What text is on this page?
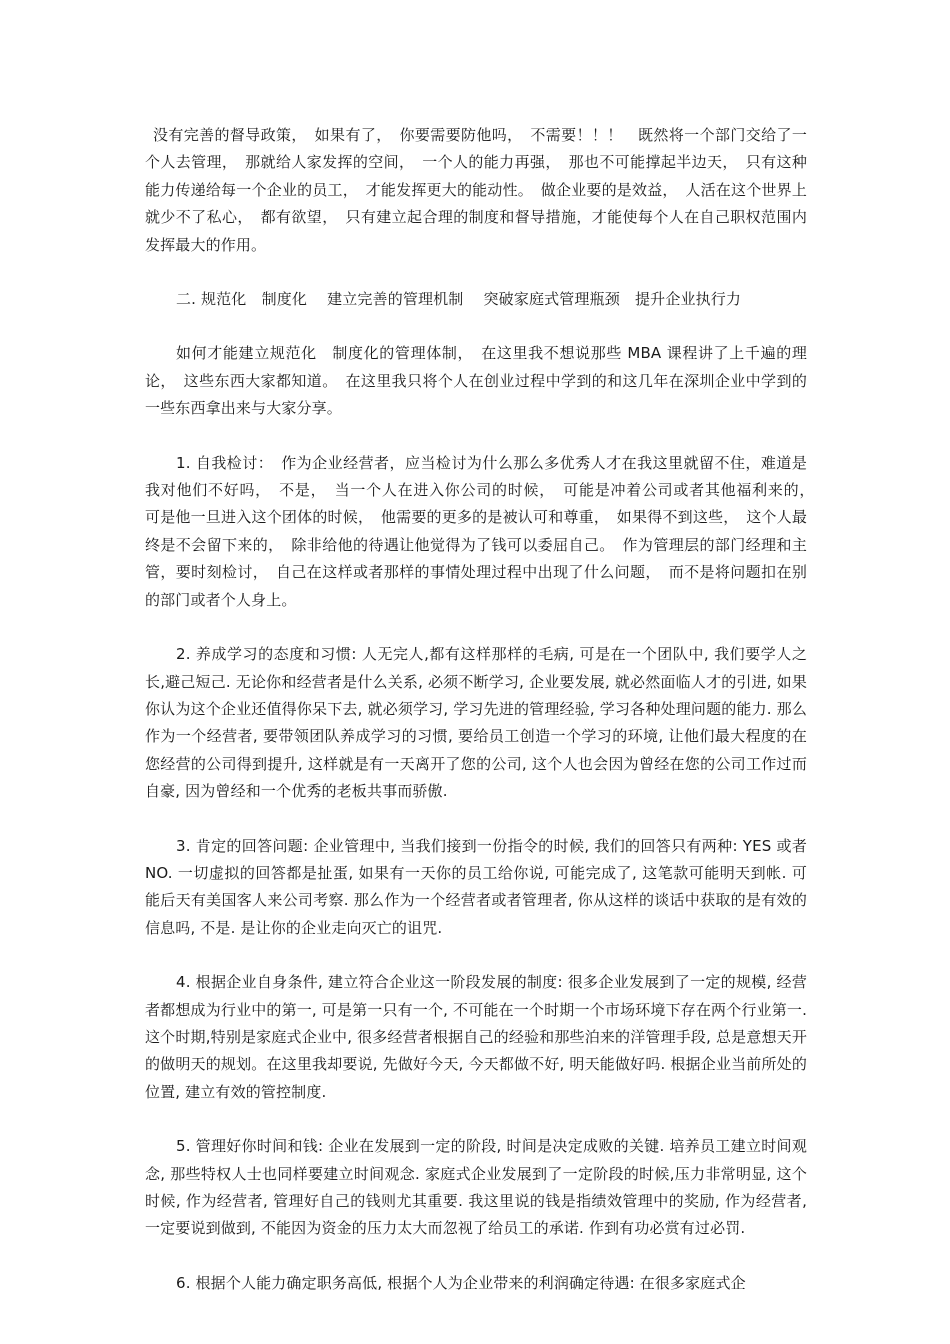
没有完善的督导政策，　如果有了，　你要需要防他吗，　不需要！！！　既然将一个部门交给了一个人去管理，　那就给人家发挥的空间，　一个人的能力再强，　那也不可能撑起半边天，　只有这种能力传递给每一个企业的员工，　才能发挥更大的能动性。　做企业要的是效益，　人活在这个世界上就少不了私心，　都有欲望，　只有建立起合理的制度和督导措施，才能使每个人在自己职权范围内发挥最大的作用。

二. 规范化　制度化　 建立完善的管理机制　 突破家庭式管理瓶颈　提升企业执行力

如何才能建立规范化　制度化的管理体制，　在这里我不想说那些 MBA 课程讲了上千遍的理论，　这些东西大家都知道。　在这里我只将个人在创业过程中学到的和这几年在深圳企业中学到的一些东西拿出来与大家分享。

1. 自我检讨：　作为企业经营者，应当检讨为什么那么多优秀人才在我这里就留不住，难道是我对他们不好吗，　不是，　当一个人在进入你公司的时候，　可能是冲着公司或者其他福利来的，　可是他一旦进入这个团体的时候，　他需要的更多的是被认可和尊重，　如果得不到这些，　这个人最终是不会留下来的，　除非给他的待遇让他觉得为了钱可以委屈自己。　作为管理层的部门经理和主管，要时刻检讨，　自己在这样或者那样的事情处理过程中出现了什么问题，　而不是将问题扣在别的部门或者个人身上。

2. 养成学习的态度和习惯: 人无完人,都有这样那样的毛病, 可是在一个团队中, 我们要学人之长,避己短己. 无论你和经营者是什么关系, 必须不断学习, 企业要发展, 就必然面临人才的引进, 如果你认为这个企业还值得你呆下去, 就必须学习, 学习先进的管理经验, 学习各种处理问题的能力. 那么作为一个经营者, 要带领团队养成学习的习惯, 要给员工创造一个学习的环境, 让他们最大程度的在您经营的公司得到提升, 这样就是有一天离开了您的公司, 这个人也会因为曾经在您的公司工作过而自豪, 因为曾经和一个优秀的老板共事而骄傲.

3. 肯定的回答问题: 企业管理中, 当我们接到一份指令的时候, 我们的回答只有两种: YES 或者 NO. 一切虚拟的回答都是扯蛋, 如果有一天你的员工给你说, 可能完成了, 这笔款可能明天到帐. 可能后天有美国客人来公司考察. 那么作为一个经营者或者管理者, 你从这样的谈话中获取的是有效的信息吗, 不是. 是让你的企业走向灭亡的诅咒.

4. 根据企业自身条件, 建立符合企业这一阶段发展的制度: 很多企业发展到了一定的规模, 经营者都想成为行业中的第一, 可是第一只有一个, 不可能在一个时期一个市场环境下存在两个行业第一. 这个时期,特别是家庭式企业中, 很多经营者根据自己的经验和那些泊来的洋管理手段, 总是意想天开的做明天的规划。在这里我却要说, 先做好今天, 今天都做不好, 明天能做好吗. 根据企业当前所处的位置, 建立有效的管控制度.

5. 管理好你时间和钱: 企业在发展到一定的阶段, 时间是决定成败的关键. 培养员工建立时间观念, 那些特权人士也同样要建立时间观念. 家庭式企业发展到了一定阶段的时候,压力非常明显, 这个时候, 作为经营者, 管理好自己的钱则尤其重要. 我这里说的钱是指绩效管理中的奖励, 作为经营者, 一定要说到做到, 不能因为资金的压力太大而忽视了给员工的承诺. 作到有功必赏有过必罚.

6. 根据个人能力确定职务高低, 根据个人为企业带来的利润确定待遇: 在很多家庭式企
